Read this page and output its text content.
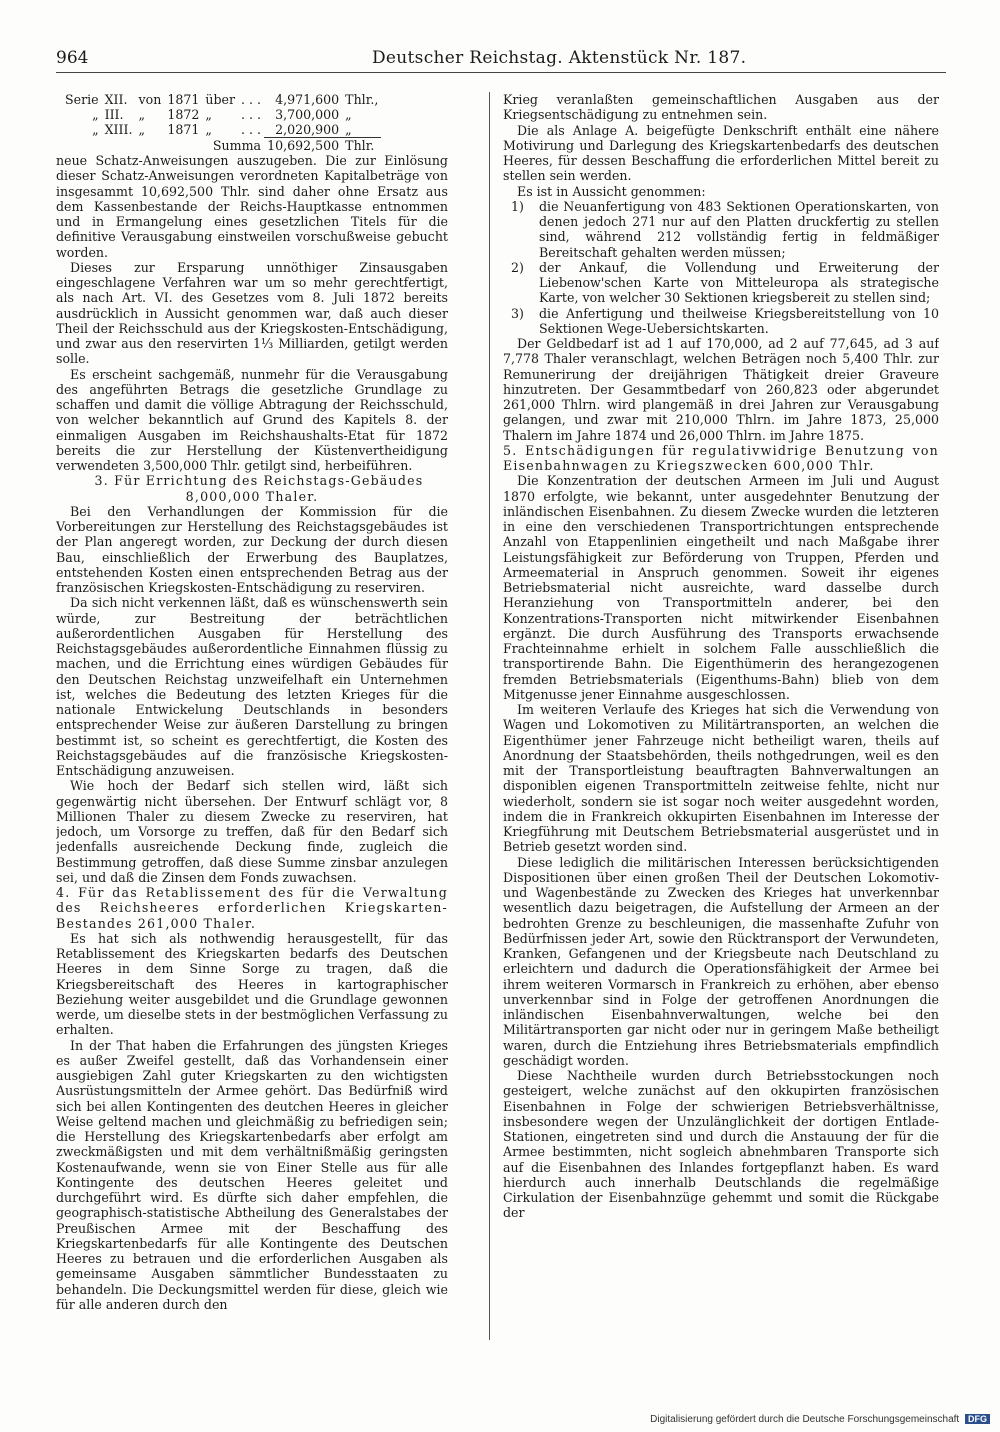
964	Deutscher Reichstag. Aktenstück Nr. 187.
Serie	XII.	von	1871	über	. . .	4,971,600	Thlr.,
„	III.	„	1872	„	. . .	3,700,000	„
„	XIII.	„	1871	„	. . .	2,020,900	„
				Summa		10,692,500	Thlr.

neue Schatz-Anweisungen auszugeben. Die zur Einlösung dieser Schatz-Anweisungen verordneten Kapitalbeträge von insgesammt 10,692,500 Thlr. sind daher ohne Ersatz aus dem Kassenbestande der Reichs-Hauptkasse entnommen und in Ermangelung eines gesetzlichen Titels für die definitive Verausgabung einstweilen vorschußweise gebucht worden.

Dieses zur Ersparung unnöthiger Zinsausgaben eingeschlagene Verfahren war um so mehr gerechtfertigt, als nach Art. VI. des Gesetzes vom 8. Juli 1872 bereits ausdrücklich in Aussicht genommen war, daß auch dieser Theil der Reichsschuld aus der Kriegskosten-Entschädigung, und zwar aus den reservirten 1⅓ Milliarden, getilgt werden solle.

Es erscheint sachgemäß, nunmehr für die Verausgabung des angeführten Betrags die gesetzliche Grundlage zu schaffen und damit die völlige Abtragung der Reichsschuld, von welcher bekanntlich auf Grund des Kapitels 8. der einmaligen Ausgaben im Reichshaushalts-Etat für 1872 bereits die zur Herstellung der Küstenvertheidigung verwendeten 3,500,000 Thlr. getilgt sind, herbeiführen.

3. Für Errichtung des Reichstags-Gebäudes 8,000,000 Thaler.

Bei den Verhandlungen der Kommission für die Vorbereitungen zur Herstellung des Reichstagsgebäudes ist der Plan angeregt worden, zur Deckung der durch diesen Bau, einschließlich der Erwerbung des Bauplatzes, entstehenden Kosten einen entsprechenden Betrag aus der französischen Kriegskosten-Entschädigung zu reserviren.

Da sich nicht verkennen läßt, daß es wünschenswerth sein würde, zur Bestreitung der beträchtlichen außerordentlichen Ausgaben für Herstellung des Reichstagsgebäudes außerordentliche Einnahmen flüssig zu machen, und die Errichtung eines würdigen Gebäudes für den Deutschen Reichstag unzweifelhaft ein Unternehmen ist, welches die Bedeutung des letzten Krieges für die nationale Entwickelung Deutschlands in besonders entsprechender Weise zur äußeren Darstellung zu bringen bestimmt ist, so scheint es gerechtfertigt, die Kosten des Reichstagsgebäudes auf die französische Kriegskosten-Entschädigung anzuweisen.

Wie hoch der Bedarf sich stellen wird, läßt sich gegenwärtig nicht übersehen. Der Entwurf schlägt vor, 8 Millionen Thaler zu diesem Zwecke zu reserviren, hat jedoch, um Vorsorge zu treffen, daß für den Bedarf sich jedenfalls ausreichende Deckung finde, zugleich die Bestimmung getroffen, daß diese Summe zinsbar anzulegen sei, und daß die Zinsen dem Fonds zuwachsen.

4. Für das Retablissement des für die Verwaltung des Reichsheeres erforderlichen Kriegskarten-Bestandes 261,000 Thaler.

Es hat sich als nothwendig herausgestellt, für das Retablissement des Kriegskarten bedarfs des Deutschen Heeres in dem Sinne Sorge zu tragen, daß die Kriegsbereitschaft des Heeres in kartographischer Beziehung weiter ausgebildet und die Grundlage gewonnen werde, um dieselbe stets in der bestmöglichen Verfassung zu erhalten.

In der That haben die Erfahrungen des jüngsten Krieges es außer Zweifel gestellt, daß das Vorhandensein einer ausgiebigen Zahl guter Kriegskarten zu den wichtigsten Ausrüstungsmitteln der Armee gehört. Das Bedürfniß wird sich bei allen Kontingenten des deutchen Heeres in gleicher Weise geltend machen und gleichmäßig zu befriedigen sein; die Herstellung des Kriegskartenbedarfs aber erfolgt am zweckmäßigsten und mit dem verhältnißmäßig geringsten Kostenaufwande, wenn sie von Einer Stelle aus für alle Kontingente des deutschen Heeres geleitet und durchgeführt wird. Es dürfte sich daher empfehlen, die geographisch-statistische Abtheilung des Generalstabes der Preußischen Armee mit der Beschaffung des Kriegskartenbedarfs für alle Kontingente des Deutschen Heeres zu betrauen und die erforderlichen Ausgaben als gemeinsame Ausgaben sämmtlicher Bundesstaaten zu behandeln. Die Deckungsmittel werden für diese, gleich wie für alle anderen durch den

Krieg veranlaßten gemeinschaftlichen Ausgaben aus der Kriegsentschädigung zu entnehmen sein.

Die als Anlage A. beigefügte Denkschrift enthält eine nähere Motivirung und Darlegung des Kriegskartenbedarfs des deutschen Heeres, für dessen Beschaffung die erforderlichen Mittel bereit zu stellen sein werden.

Es ist in Aussicht genommen:

1) die Neuanfertigung von 483 Sektionen Operationskarten, von denen jedoch 271 nur auf den Platten druckfertig zu stellen sind, während 212 vollständig fertig in feldmäßiger Bereitschaft gehalten werden müssen;
2) der Ankauf, die Vollendung und Erweiterung der Liebenow'schen Karte von Mitteleuropa als strategische Karte, von welcher 30 Sektionen kriegsbereit zu stellen sind;
3) die Anfertigung und theilweise Kriegsbereitstellung von 10 Sektionen Wege-Uebersichtskarten.

Der Geldbedarf ist ad 1 auf 170,000, ad 2 auf 77,645, ad 3 auf 7,778 Thaler veranschlagt, welchen Beträgen noch 5,400 Thlr. zur Remunerirung der dreijährigen Thätigkeit dreier Graveure hinzutreten. Der Gesammtbedarf von 260,823 oder abgerundet 261,000 Thlrn. wird plangemäß in drei Jahren zur Verausgabung gelangen, und zwar mit 210,000 Thlrn. im Jahre 1873, 25,000 Thalern im Jahre 1874 und 26,000 Thlrn. im Jahre 1875.

5. Entschädigungen für regulativwidrige Benutzung von Eisenbahnwagen zu Kriegszwecken 600,000 Thlr.

Die Konzentration der deutschen Armeen im Juli und August 1870 erfolgte, wie bekannt, unter ausgedehnter Benutzung der inländischen Eisenbahnen. Zu diesem Zwecke wurden die letzteren in eine den verschiedenen Transportrichtungen entsprechende Anzahl von Etappenlinien eingetheilt und nach Maßgabe ihrer Leistungsfähigkeit zur Beförderung von Truppen, Pferden und Armeematerial in Anspruch genommen. Soweit ihr eigenes Betriebsmaterial nicht ausreichte, ward dasselbe durch Heranziehung von Transportmitteln anderer, bei den Konzentrations-Transporten nicht mitwirkender Eisenbahnen ergänzt. Die durch Ausführung des Transports erwachsende Frachteinnahme erhielt in solchem Falle ausschließlich die transportirende Bahn. Die Eigenthümerin des herangezogenen fremden Betriebsmaterials (Eigenthums-Bahn) blieb von dem Mitgenusse jener Einnahme ausgeschlossen.

Im weiteren Verlaufe des Krieges hat sich die Verwendung von Wagen und Lokomotiven zu Militärtransporten, an welchen die Eigenthümer jener Fahrzeuge nicht betheiligt waren, theils auf Anordnung der Staatsbehörden, theils nothgedrungen, weil es den mit der Transportleistung beauftragten Bahnverwaltungen an disponiblen eigenen Transportmitteln zeitweise fehlte, nicht nur wiederholt, sondern sie ist sogar noch weiter ausgedehnt worden, indem die in Frankreich okkupirten Eisenbahnen im Interesse der Kriegführung mit Deutschem Betriebsmaterial ausgerüstet und in Betrieb gesetzt worden sind.

Diese lediglich die militärischen Interessen berücksichtigenden Dispositionen über einen großen Theil der Deutschen Lokomotiv- und Wagenbestände zu Zwecken des Krieges hat unverkennbar wesentlich dazu beigetragen, die Aufstellung der Armeen an der bedrohten Grenze zu beschleunigen, die massenhafte Zufuhr von Bedürfnissen jeder Art, sowie den Rücktransport der Verwundeten, Kranken, Gefangenen und der Kriegsbeute nach Deutschland zu erleichtern und dadurch die Operationsfähigkeit der Armee bei ihrem weiteren Vormarsch in Frankreich zu erhöhen, aber ebenso unverkennbar sind in Folge der getroffenen Anordnungen die inländischen Eisenbahnverwaltungen, welche bei den Militärtransporten gar nicht oder nur in geringem Maße betheiligt waren, durch die Entziehung ihres Betriebsmaterials empfindlich geschädigt worden.

Diese Nachtheile wurden durch Betriebsstockungen noch gesteigert, welche zunächst auf den okkupirten französischen Eisenbahnen in Folge der schwierigen Betriebsverhältnisse, insbesondere wegen der Unzulänglichkeit der dortigen Entlade-Stationen, eingetreten sind und durch die Anstauung der für die Armee bestimmten, nicht sogleich abnehmbaren Transporte sich auf die Eisenbahnen des Inlandes fortgepflanzt haben. Es ward hierdurch auch innerhalb Deutschlands die regelmäßige Cirkulation der Eisenbahnzüge gehemmt und somit die Rückgabe der

Digitalisierung gefördert durch die Deutsche Forschungsgemeinschaft DFG
